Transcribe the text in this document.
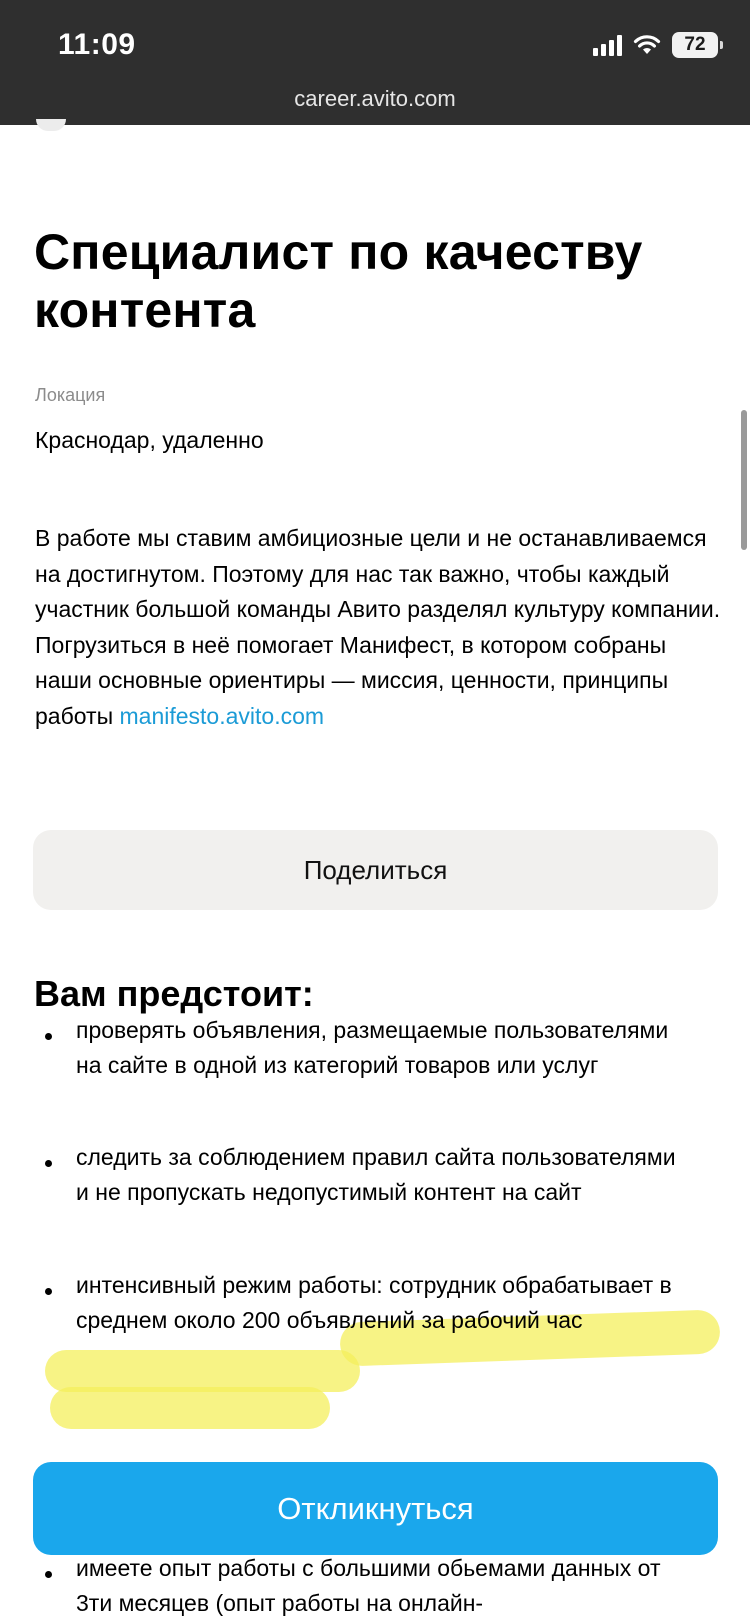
11:09	72
career.avito.com
Специалист по качеству контента
Локация
Краснодар, удаленно

В работе мы ставим амбициозные цели и не останавливаемся на достигнутом. Поэтому для нас так важно, чтобы каждый участник большой команды Авито разделял культуру компании. Погрузиться в неё помогает Манифест, в котором собраны наши основные ориентиры — миссия, ценности, принципы работы manifesto.avito.com

Поделиться
Вам предстоит:
проверять объявления, размещаемые пользователями на сайте в одной из категорий товаров или услуг
следить за соблюдением правил сайта пользователями и не пропускать недопустимый контент на сайт
интенсивный режим работы: сотрудник обрабатывает в среднем около 200 объявлений за рабочий час
имеете опыт работы с большими обьемами данных от 3ти месяцев (опыт работы на онлайн-
Откликнуться
